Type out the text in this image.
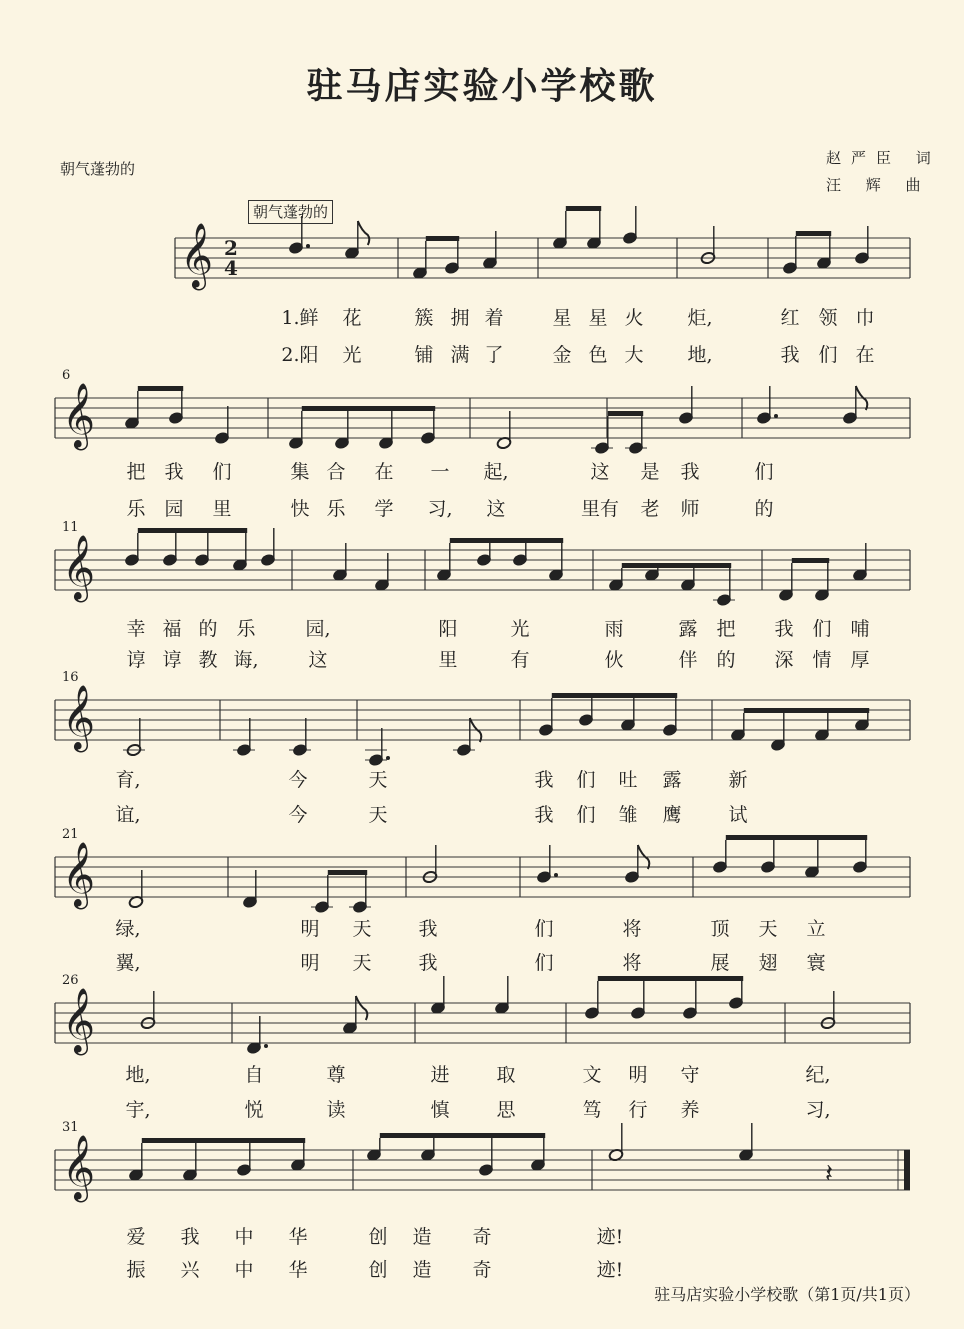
驻马店实验小学校歌
赵严臣 词
汪 辉 曲
朝气蓬勃的
朝气蓬勃的
𝄞 2
4
𝄞
𝄞
𝄞
𝄞
𝄞
𝄽
𝄞
1.鲜 花	簇 拥 着	星 星 火 炬,	红 领 巾
2.阳 光	铺 满 了	金 色 大 地,	我 们 在
6
把 我 们	集 合 在 一 起,	这 是 我	们
乐 园 里	快 乐 学 习, 这	里有 老 师	的
11
幸 福 的 乐	园,	阳	光	雨	露 把 我 们 哺
谆 谆 教 诲,	这	里	有	伙	伴 的 深 情 厚
16
育,	今	天	我 们 吐 露 新
谊,	今	天	我 们 雏 鹰 试
21
绿,	明 天 我	们	将	顶 天 立
翼,	明 天 我	们	将	展 翅 寰
26
地,	自	尊	进 取	文 明 守	纪,
宇,	悦	读	慎 思	笃 行 养	习,
31
爱 我 中 华	创 造 奇	迹!
振 兴 中 华	创 造 奇	迹!
驻马店实验小学校歌（第1页/共1页）
